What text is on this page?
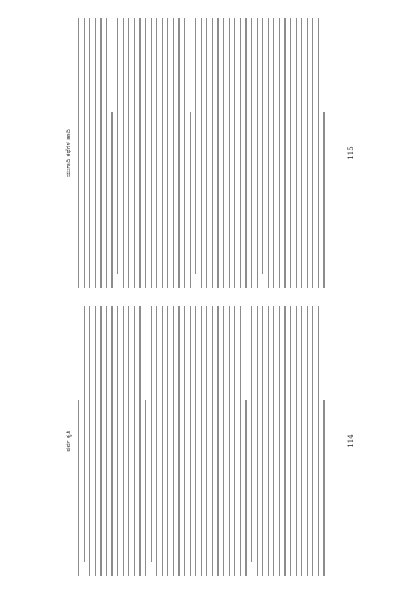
ಪರ್ವ ಕೃತಿ	114
ಯುಗಾದಿ ಕಥೆಗಳ ಹಾದಿ	115
